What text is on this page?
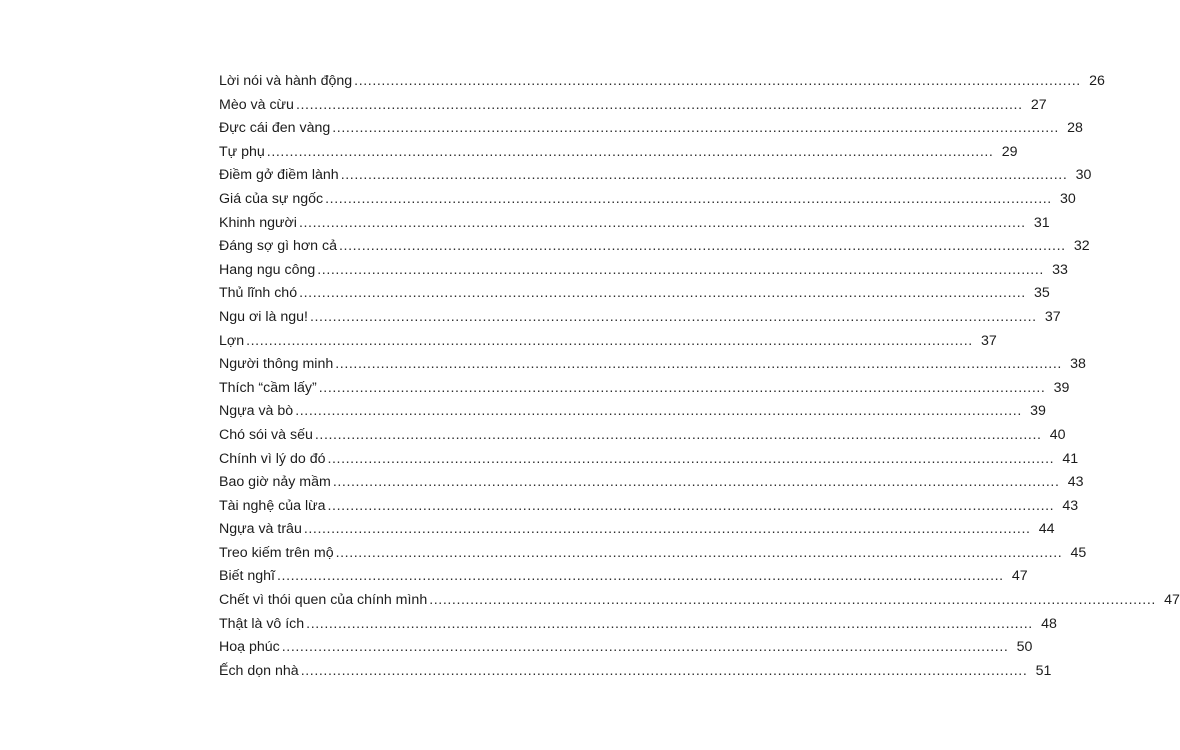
Lời nói và hành động ................................................................................................................................................................ 26
Mèo và cừu ................................................................................................................................................................ 27
Đực cái đen vàng ................................................................................................................................................................ 28
Tự phụ ................................................................................................................................................................ 29
Điềm gở điềm lành ................................................................................................................................................................ 30
Giá của sự ngốc ................................................................................................................................................................ 30
Khinh người ................................................................................................................................................................ 31
Đáng sợ gì hơn cả ................................................................................................................................................................ 32
Hang ngu công ................................................................................................................................................................ 33
Thủ lĩnh chó ................................................................................................................................................................ 35
Ngu ơi là ngu! ................................................................................................................................................................ 37
Lợn ................................................................................................................................................................ 37
Người thông minh ................................................................................................................................................................ 38
Thích “cầm lấy” ................................................................................................................................................................ 39
Ngựa và bò ................................................................................................................................................................ 39
Chó sói và sếu ................................................................................................................................................................ 40
Chính vì lý do đó ................................................................................................................................................................ 41
Bao giờ nảy mầm ................................................................................................................................................................ 43
Tài nghệ của lừa ................................................................................................................................................................ 43
Ngựa và trâu ................................................................................................................................................................ 44
Treo kiếm trên mộ ................................................................................................................................................................ 45
Biết nghĩ ................................................................................................................................................................ 47
Chết vì thói quen của chính mình ................................................................................................................................................................ 47
Thật là vô ích ................................................................................................................................................................ 48
Hoạ phúc ................................................................................................................................................................ 50
Ếch dọn nhà ................................................................................................................................................................ 51
